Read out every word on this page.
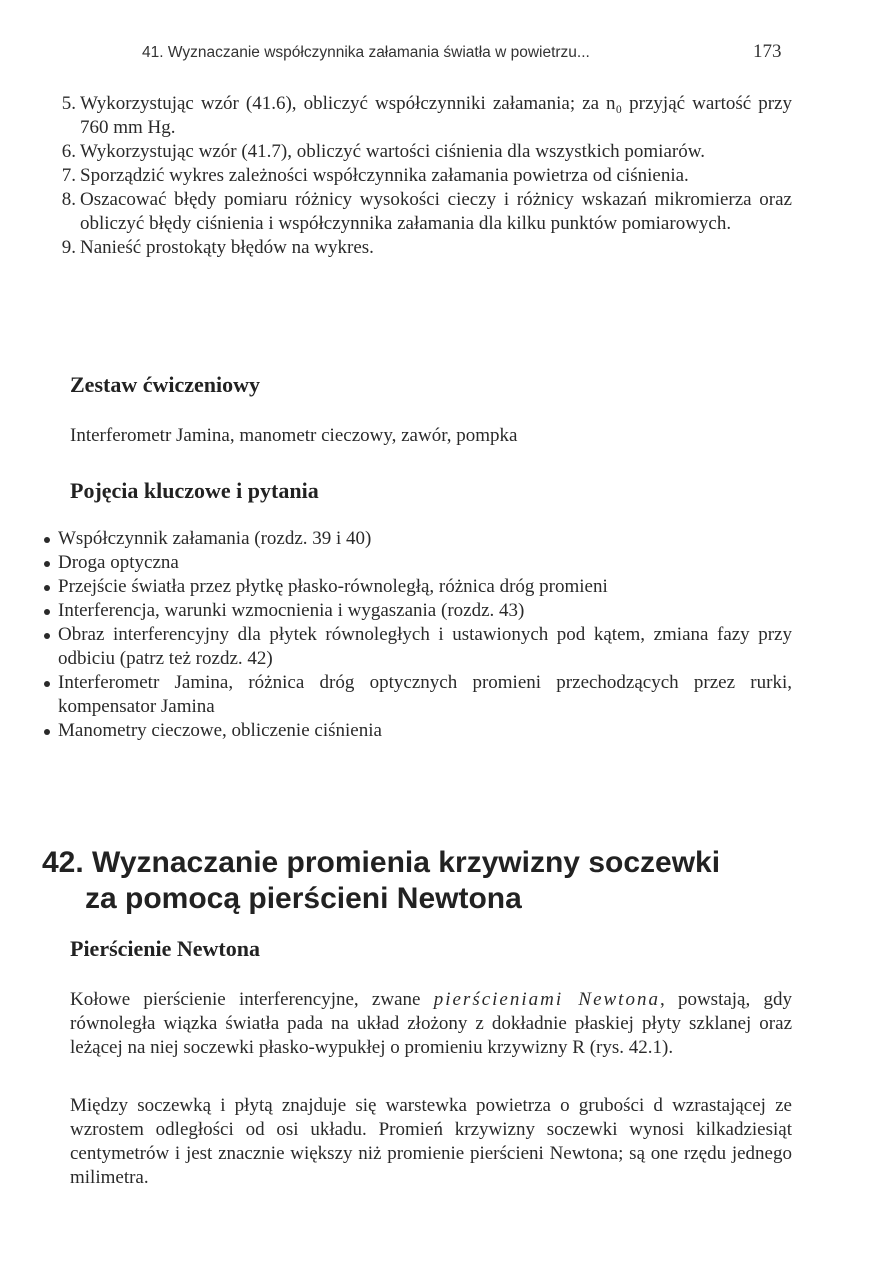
41. Wyznaczanie współczynnika załamania światła w powietrzu...	173
5. Wykorzystując wzór (41.6), obliczyć współczynniki załamania; za n₀ przyjąć wartość przy 760 mm Hg.
6. Wykorzystując wzór (41.7), obliczyć wartości ciśnienia dla wszystkich pomiarów.
7. Sporządzić wykres zależności współczynnika załamania powietrza od ciśnienia.
8. Oszacować błędy pomiaru różnicy wysokości cieczy i różnicy wskazań mikromierza oraz obliczyć błędy ciśnienia i współczynnika załamania dla kilku punktów pomiarowych.
9. Nanieść prostokąty błędów na wykres.
Zestaw ćwiczeniowy
Interferometr Jamina, manometr cieczowy, zawór, pompka
Pojęcia kluczowe i pytania
Współczynnik załamania (rozdz. 39 i 40)
Droga optyczna
Przejście światła przez płytkę płasko-równoległą, różnica dróg promieni
Interferencja, warunki wzmocnienia i wygaszania (rozdz. 43)
Obraz interferencyjny dla płytek równoległych i ustawionych pod kątem, zmiana fazy przy odbiciu (patrz też rozdz. 42)
Interferometr Jamina, różnica dróg optycznych promieni przechodzących przez rurki, kompensator Jamina
Manometry cieczowe, obliczenie ciśnienia
42. Wyznaczanie promienia krzywizny soczewki
za pomocą pierścieni Newtona
Pierścienie Newtona
Kołowe pierścienie interferencyjne, zwane pierścieniami Newtona, powstają, gdy równoległa wiązka światła pada na układ złożony z dokładnie płaskiej płyty szklanej oraz leżącej na niej soczewki płasko-wypukłej o promieniu krzywizny R (rys. 42.1).
Między soczewką i płytą znajduje się warstewka powietrza o grubości d wzrastającej ze wzrostem odległości od osi układu. Promień krzywizny soczewki wynosi kilkadziesiąt centymetrów i jest znacznie większy niż promienie pierścieni Newtona; są one rzędu jednego milimetra.
